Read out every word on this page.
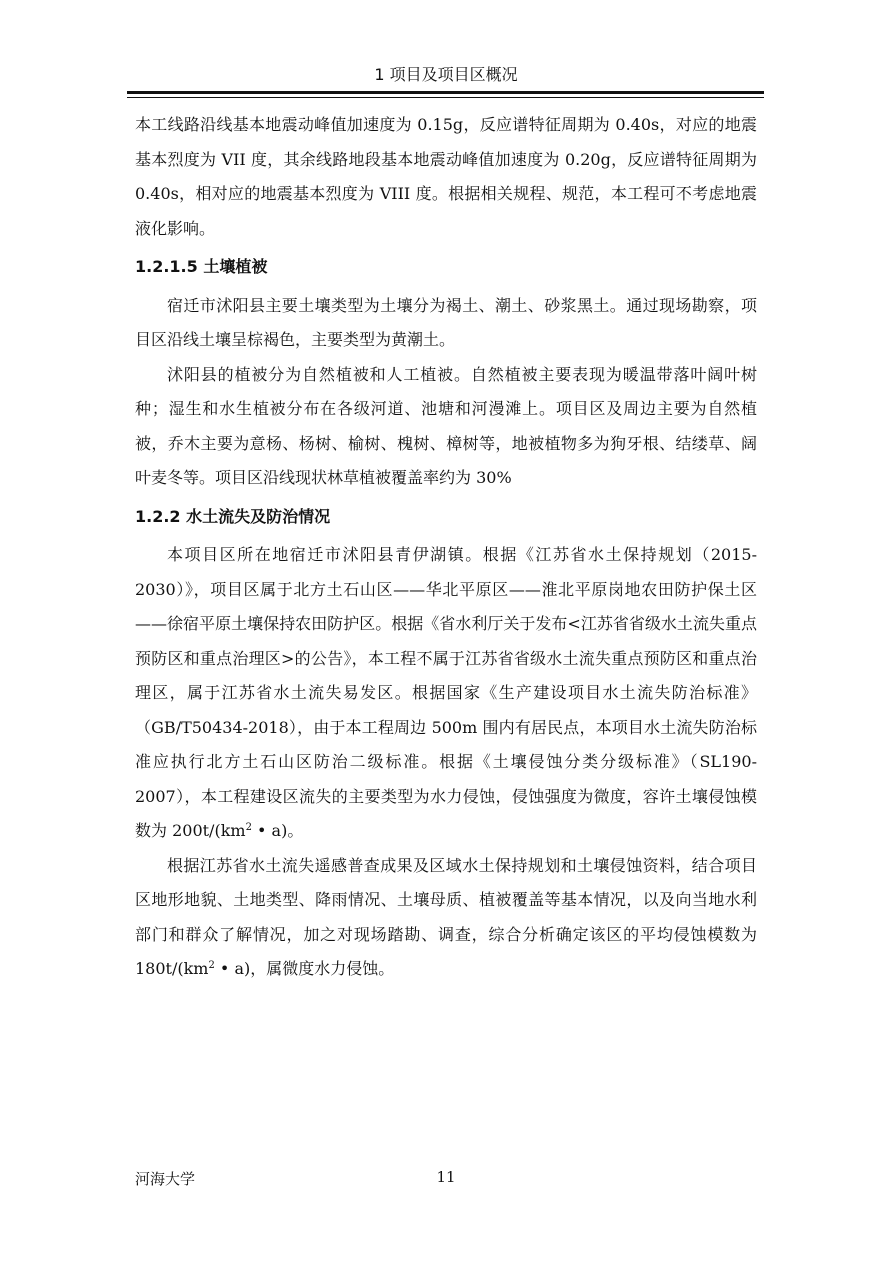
1 项目及项目区概况

本工线路沿线基本地震动峰值加速度为 0.15g，反应谱特征周期为 0.40s，对应的地震基本烈度为 VII 度，其余线路地段基本地震动峰值加速度为 0.20g，反应谱特征周期为 0.40s，相对应的地震基本烈度为 VIII 度。根据相关规程、规范，本工程可不考虑地震液化影响。

1.2.1.5 土壤植被

宿迁市沭阳县主要土壤类型为土壤分为褐土、潮土、砂浆黑土。通过现场勘察，项目区沿线土壤呈棕褐色，主要类型为黄潮土。

沭阳县的植被分为自然植被和人工植被。自然植被主要表现为暖温带落叶阔叶树种；湿生和水生植被分布在各级河道、池塘和河漫滩上。项目区及周边主要为自然植被，乔木主要为意杨、杨树、榆树、槐树、樟树等，地被植物多为狗牙根、结缕草、阔叶麦冬等。项目区沿线现状林草植被覆盖率约为 30%

1.2.2 水土流失及防治情况

本项目区所在地宿迁市沭阳县青伊湖镇。根据《江苏省水土保持规划（2015-2030）》，项目区属于北方土石山区——华北平原区——淮北平原岗地农田防护保土区——徐宿平原土壤保持农田防护区。根据《省水利厅关于发布<江苏省省级水土流失重点预防区和重点治理区>的公告》，本工程不属于江苏省省级水土流失重点预防区和重点治理区，属于江苏省水土流失易发区。根据国家《生产建设项目水土流失防治标准》（GB/T50434-2018），由于本工程周边 500m 围内有居民点，本项目水土流失防治标准应执行北方土石山区防治二级标准。根据《土壤侵蚀分类分级标准》（SL190-2007），本工程建设区流失的主要类型为水力侵蚀，侵蚀强度为微度，容许土壤侵蚀模数为 $200t/(km^2$ • a)。

根据江苏省水土流失遥感普查成果及区域水土保持规划和土壤侵蚀资料，结合项目区地形地貌、土地类型、降雨情况、土壤母质、植被覆盖等基本情况，以及向当地水利部门和群众了解情况，加之对现场踏勘、调查，综合分析确定该区的平均侵蚀模数为 $180t/(km^2$ • a)，属微度水力侵蚀。

河海大学	11
